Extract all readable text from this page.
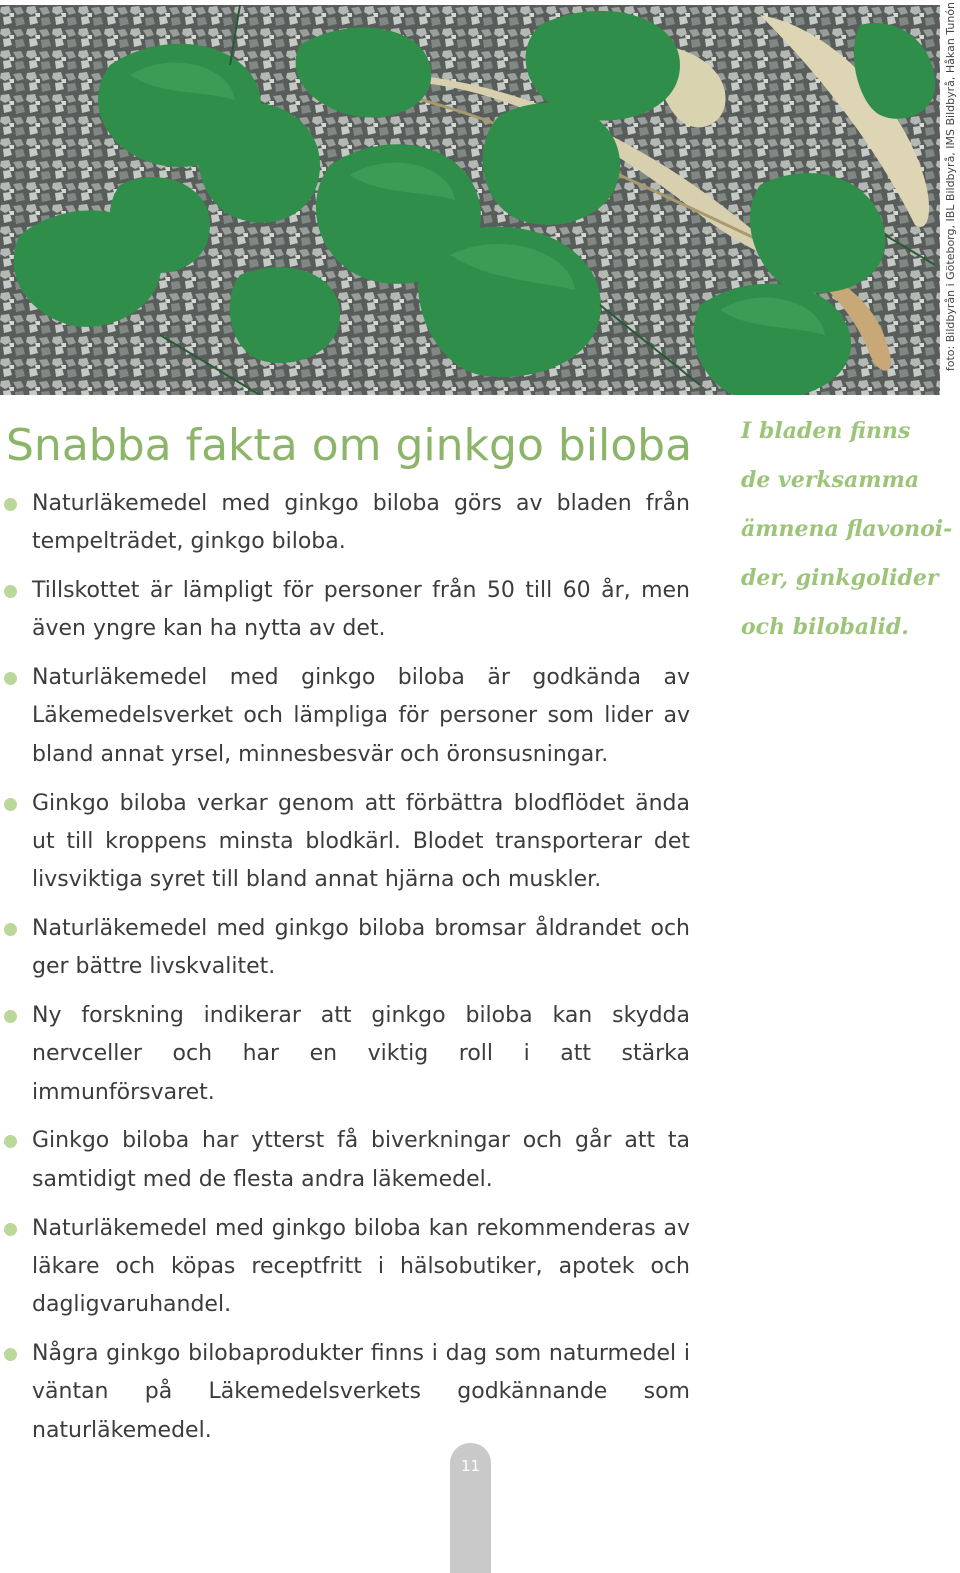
foto: Bildbyrån i Göteborg, IBL Bildbyrå, IMS Bildbyrå, Håkan Tunón
Snabba fakta om ginkgo biloba
Naturläkemedel med ginkgo biloba görs av bladen från tempelträdet, ginkgo biloba.
Tillskottet är lämpligt för personer från 50 till 60 år, men även yngre kan ha nytta av det.
Naturläkemedel med ginkgo biloba är godkända av Läkemedelsverket och lämpliga för personer som lider av bland annat yrsel, minnesbesvär och öronsusningar.
Ginkgo biloba verkar genom att förbättra blodflödet ända ut till kroppens minsta blodkärl. Blodet transporterar det livsviktiga syret till bland annat hjärna och muskler.
Naturläkemedel med ginkgo biloba bromsar åldrandet och ger bättre livskvalitet.
Ny forskning indikerar att ginkgo biloba kan skydda nervceller och har en viktig roll i att stärka immunförsvaret.
Ginkgo biloba har ytterst få biverkningar och går att ta samtidigt med de flesta andra läkemedel.
Naturläkemedel med ginkgo biloba kan rekommenderas av läkare och köpas receptfritt i hälsobutiker, apotek och dagligvaruhandel.
Några ginkgo bilobaprodukter finns i dag som naturmedel i väntan på Läkemedelsverkets godkännande som naturläkemedel.
I bladen finns
de verksamma
ämnena flavonoi-
der, ginkgolider
och bilobalid.
11
